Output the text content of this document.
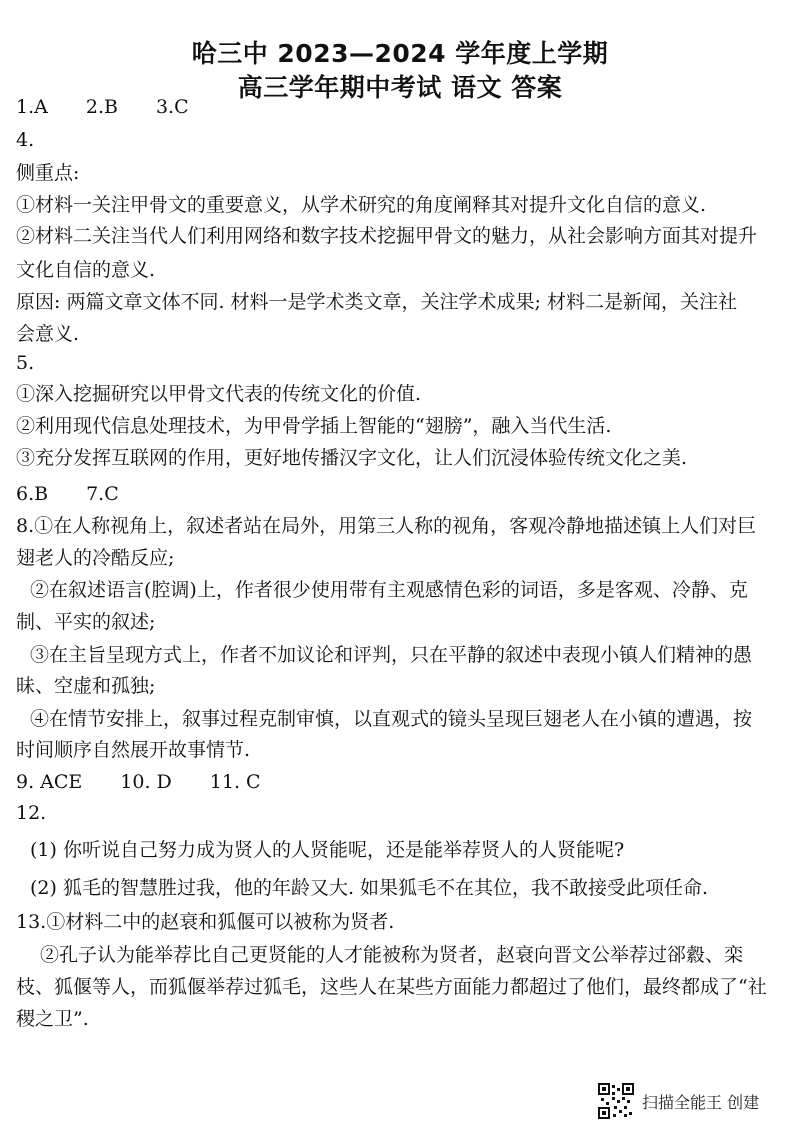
哈三中 2023—2024 学年度上学期
高三学年期中考试 语文 答案
1.A　　2.B　　3.C
4.
侧重点:
①材料一关注甲骨文的重要意义，从学术研究的角度阐释其对提升文化自信的意义.
②材料二关注当代人们利用网络和数字技术挖掘甲骨文的魅力，从社会影响方面其对提升
文化自信的意义.
原因: 两篇文章文体不同. 材料一是学术类文章，关注学术成果; 材料二是新闻，关注社
会意义.
5.
①深入挖掘研究以甲骨文代表的传统文化的价值.
②利用现代信息处理技术，为甲骨学插上智能的“翅膀”，融入当代生活.
③充分发挥互联网的作用，更好地传播汉字文化，让人们沉浸体验传统文化之美.
6.B　　7.C
8.①在人称视角上，叙述者站在局外，用第三人称的视角，客观冷静地描述镇上人们对巨
翅老人的冷酷反应;
②在叙述语言(腔调)上，作者很少使用带有主观感情色彩的词语，多是客观、冷静、克
制、平实的叙述;
③在主旨呈现方式上，作者不加议论和评判，只在平静的叙述中表现小镇人们精神的愚
昧、空虚和孤独;
④在情节安排上，叙事过程克制审慎，以直观式的镜头呈现巨翅老人在小镇的遭遇，按
时间顺序自然展开故事情节.
9. ACE　　10. D　　11. C
12.
(1) 你听说自己努力成为贤人的人贤能呢，还是能举荐贤人的人贤能呢?
(2) 狐毛的智慧胜过我，他的年龄又大. 如果狐毛不在其位，我不敢接受此项任命.
13.①材料二中的赵衰和狐偃可以被称为贤者.
②孔子认为能举荐比自己更贤能的人才能被称为贤者，赵衰向晋文公举荐过郤縠、栾
枝、狐偃等人，而狐偃举荐过狐毛，这些人在某些方面能力都超过了他们，最终都成了“社
稷之卫”.
扫描全能王 创建
